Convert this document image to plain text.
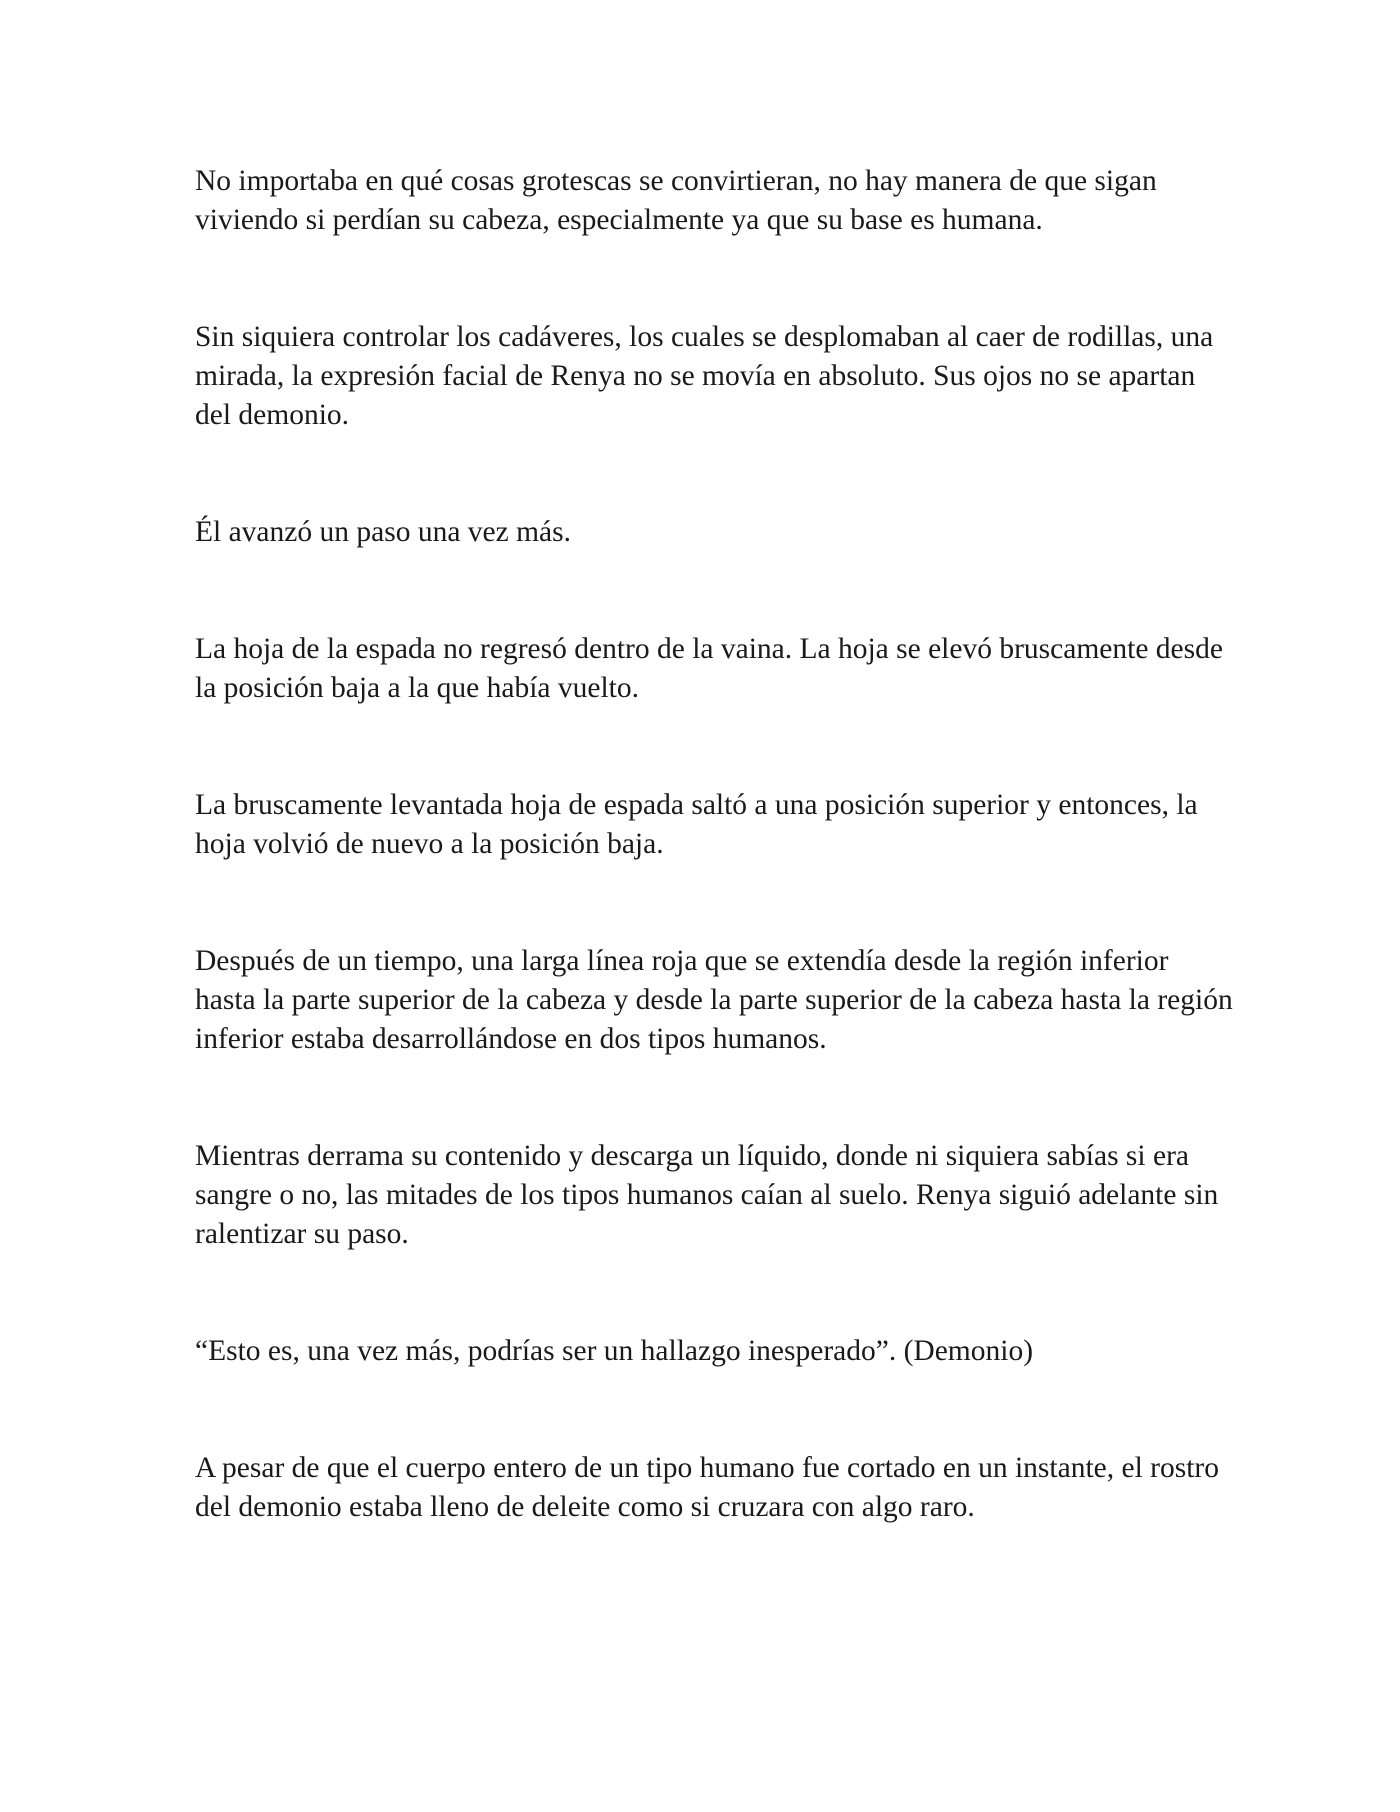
No importaba en qué cosas grotescas se convirtieran, no hay manera de que sigan viviendo si perdían su cabeza, especialmente ya que su base es humana.

Sin siquiera controlar los cadáveres, los cuales se desplomaban al caer de rodillas, una mirada, la expresión facial de Renya no se movía en absoluto. Sus ojos no se apartan del demonio.

Él avanzó un paso una vez más.

La hoja de la espada no regresó dentro de la vaina. La hoja se elevó bruscamente desde la posición baja a la que había vuelto.

La bruscamente levantada hoja de espada saltó a una posición superior y entonces, la hoja volvió de nuevo a la posición baja.

Después de un tiempo, una larga línea roja que se extendía desde la región inferior hasta la parte superior de la cabeza y desde la parte superior de la cabeza hasta la región inferior estaba desarrollándose en dos tipos humanos.

Mientras derrama su contenido y descarga un líquido, donde ni siquiera sabías si era sangre o no, las mitades de los tipos humanos caían al suelo. Renya siguió adelante sin ralentizar su paso.

“Esto es, una vez más, podrías ser un hallazgo inesperado”. (Demonio)

A pesar de que el cuerpo entero de un tipo humano fue cortado en un instante, el rostro del demonio estaba lleno de deleite como si cruzara con algo raro.
